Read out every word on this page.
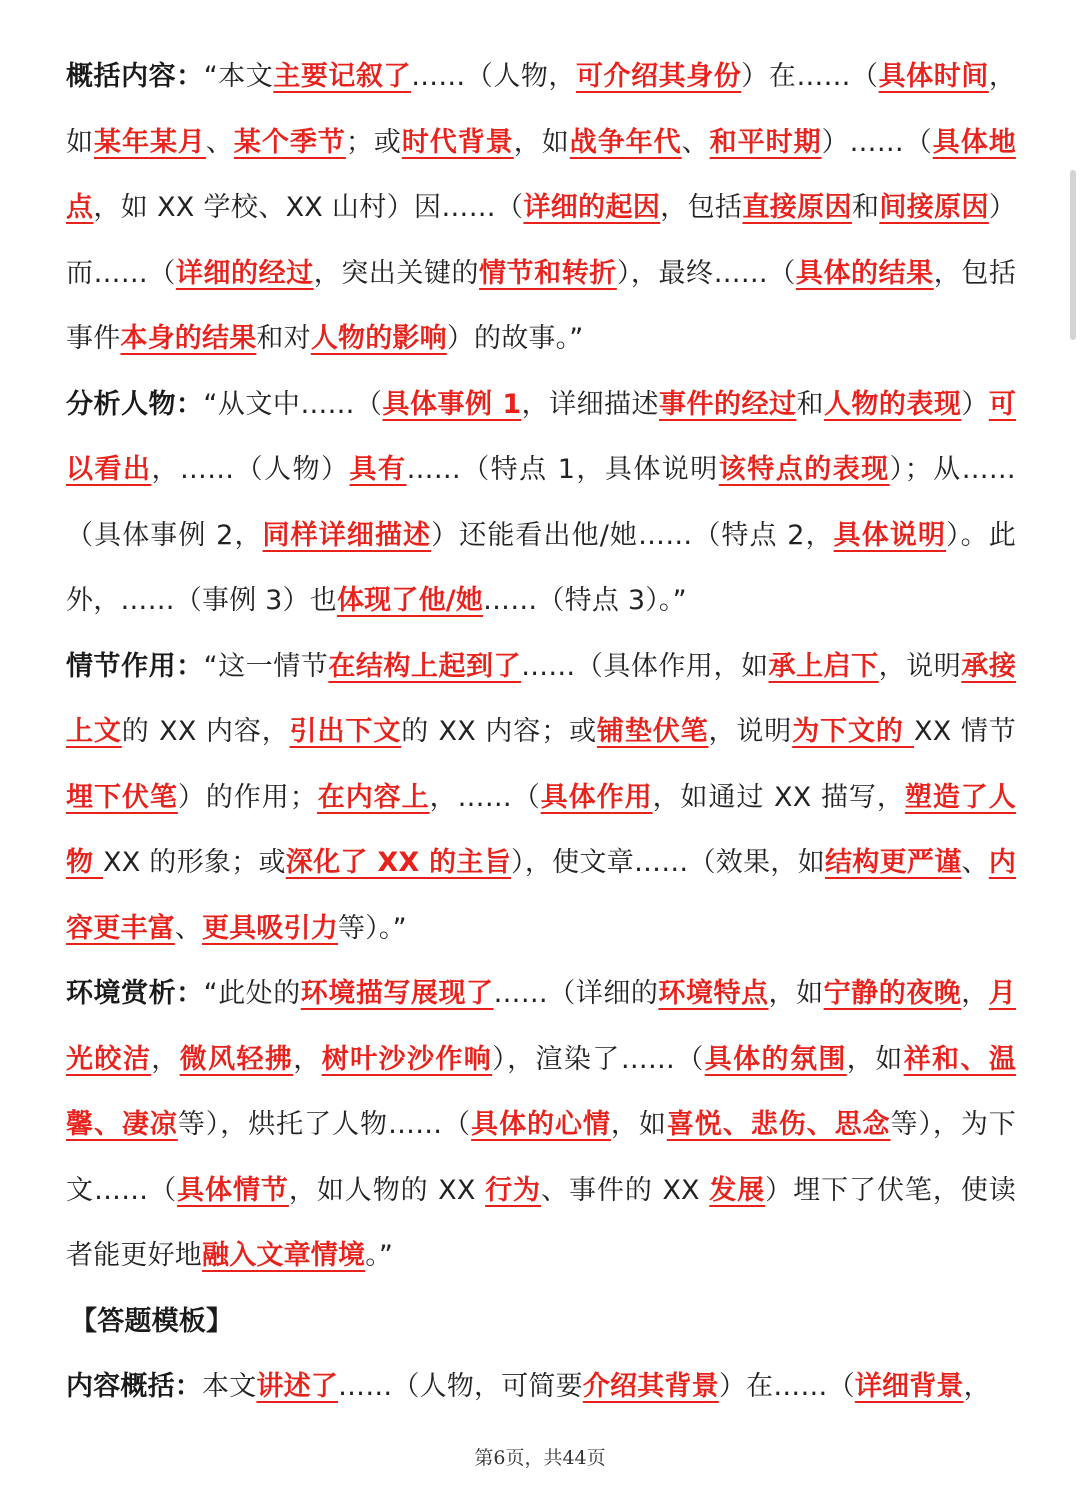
概括内容：“本文主要记叙了……（人物，可介绍其身份）在……（具体时间，如某年某月、某个季节；或时代背景，如战争年代、和平时期）……（具体地点，如 XX 学校、XX 山村）因……（详细的起因，包括直接原因和间接原因）而……（详细的经过，突出关键的情节和转折），最终……（具体的结果，包括事件本身的结果和对人物的影响）的故事。”

分析人物：“从文中……（具体事例 1，详细描述事件的经过和人物的表现）可以看出，……（人物）具有……（特点 1，具体说明该特点的表现）；从……（具体事例 2，同样详细描述）还能看出他/她……（特点 2，具体说明）。此外，……（事例 3）也体现了他/她……（特点 3）。”

情节作用：“这一情节在结构上起到了……（具体作用，如承上启下，说明承接上文的 XX 内容，引出下文的 XX 内容；或铺垫伏笔，说明为下文的 XX 情节埋下伏笔）的作用；在内容上，……（具体作用，如通过 XX 描写，塑造了人物 XX 的形象；或深化了 XX 的主旨），使文章……（效果，如结构更严谨、内容更丰富、更具吸引力等）。”

环境赏析：“此处的环境描写展现了……（详细的环境特点，如宁静的夜晚，月光皎洁，微风轻拂，树叶沙沙作响），渲染了……（具体的氛围，如祥和、温馨、凄凉等），烘托了人物……（具体的心情，如喜悦、悲伤、思念等），为下文……（具体情节，如人物的 XX 行为、事件的 XX 发展）埋下了伏笔，使读者能更好地融入文章情境。”

【答题模板】

内容概括：本文讲述了……（人物，可简要介绍其背景）在……（详细背景，

第6页，共44页
